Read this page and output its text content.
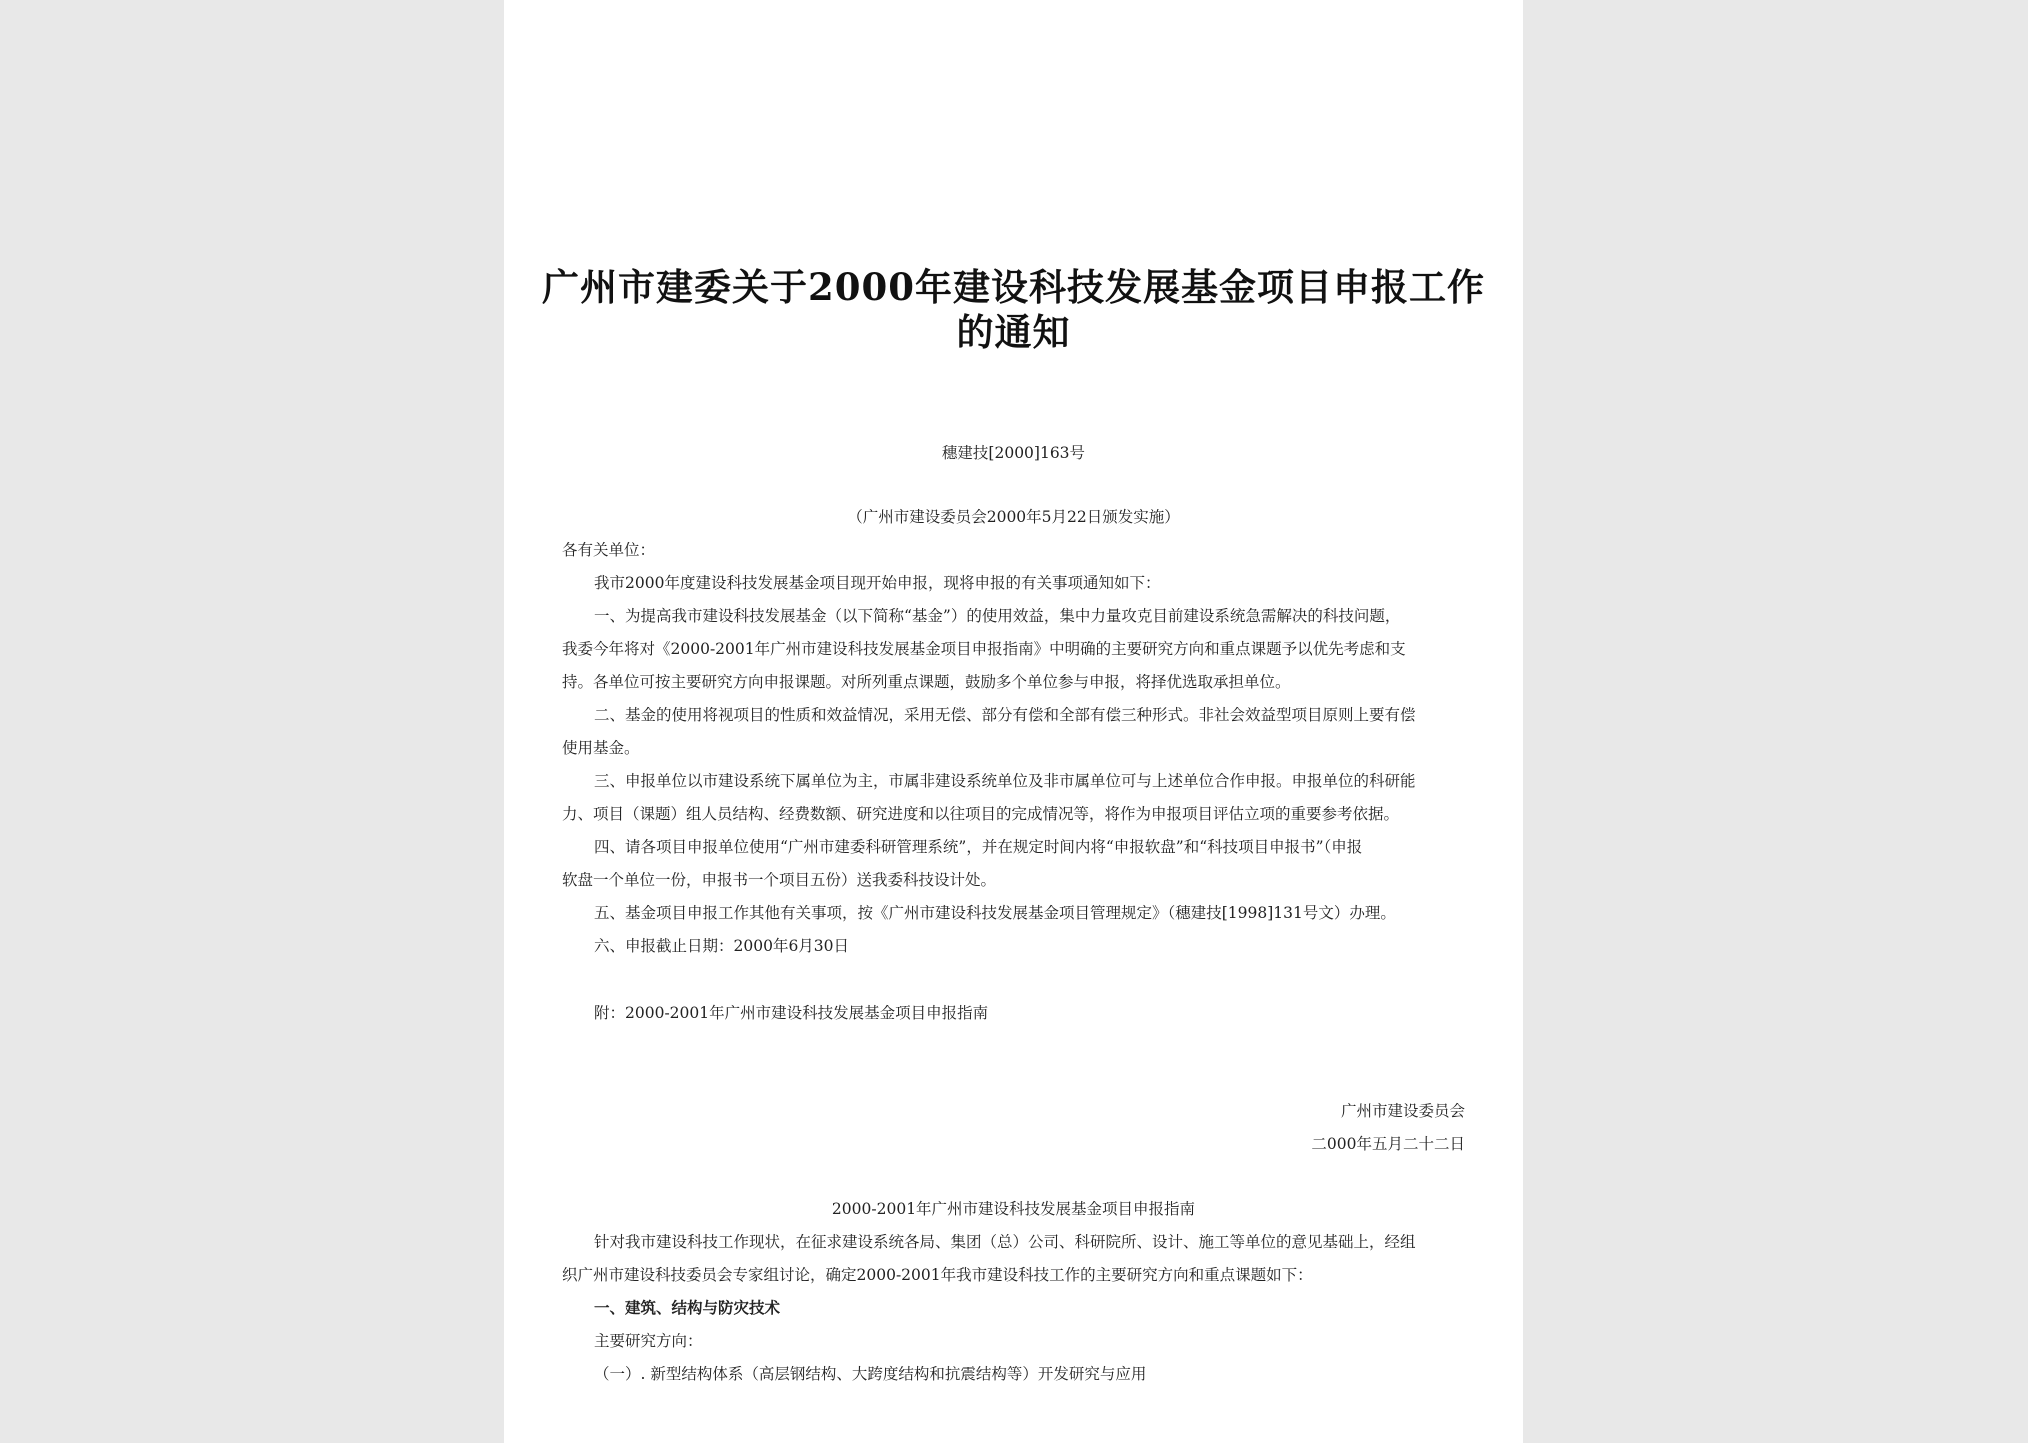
广州市建委关于2000年建设科技发展基金项目申报工作
的通知
穗建技[2000]163号
（广州市建设委员会2000年5月22日颁发实施）
各有关单位：
我市2000年度建设科技发展基金项目现开始申报，现将申报的有关事项通知如下：
一、为提高我市建设科技发展基金（以下简称“基金”）的使用效益，集中力量攻克目前建设系统急需解决的科技问题，
我委今年将对《2000-2001年广州市建设科技发展基金项目申报指南》中明确的主要研究方向和重点课题予以优先考虑和支
持。各单位可按主要研究方向申报课题。对所列重点课题，鼓励多个单位参与申报，将择优选取承担单位。
二、基金的使用将视项目的性质和效益情况，采用无偿、部分有偿和全部有偿三种形式。非社会效益型项目原则上要有偿
使用基金。
三、申报单位以市建设系统下属单位为主，市属非建设系统单位及非市属单位可与上述单位合作申报。申报单位的科研能
力、项目（课题）组人员结构、经费数额、研究进度和以往项目的完成情况等，将作为申报项目评估立项的重要参考依据。
四、请各项目申报单位使用“广州市建委科研管理系统”，并在规定时间内将“申报软盘”和“科技项目申报书”（申报
软盘一个单位一份，申报书一个项目五份）送我委科技设计处。
五、基金项目申报工作其他有关事项，按《广州市建设科技发展基金项目管理规定》（穗建技[1998]131号文）办理。
六、申报截止日期：2000年6月30日
附：2000-2001年广州市建设科技发展基金项目申报指南
广州市建设委员会
二000年五月二十二日
2000-2001年广州市建设科技发展基金项目申报指南
针对我市建设科技工作现状，在征求建设系统各局、集团（总）公司、科研院所、设计、施工等单位的意见基础上，经组
织广州市建设科技委员会专家组讨论，确定2000-2001年我市建设科技工作的主要研究方向和重点课题如下：
一、建筑、结构与防灾技术
主要研究方向：
（一）. 新型结构体系（高层钢结构、大跨度结构和抗震结构等）开发研究与应用
